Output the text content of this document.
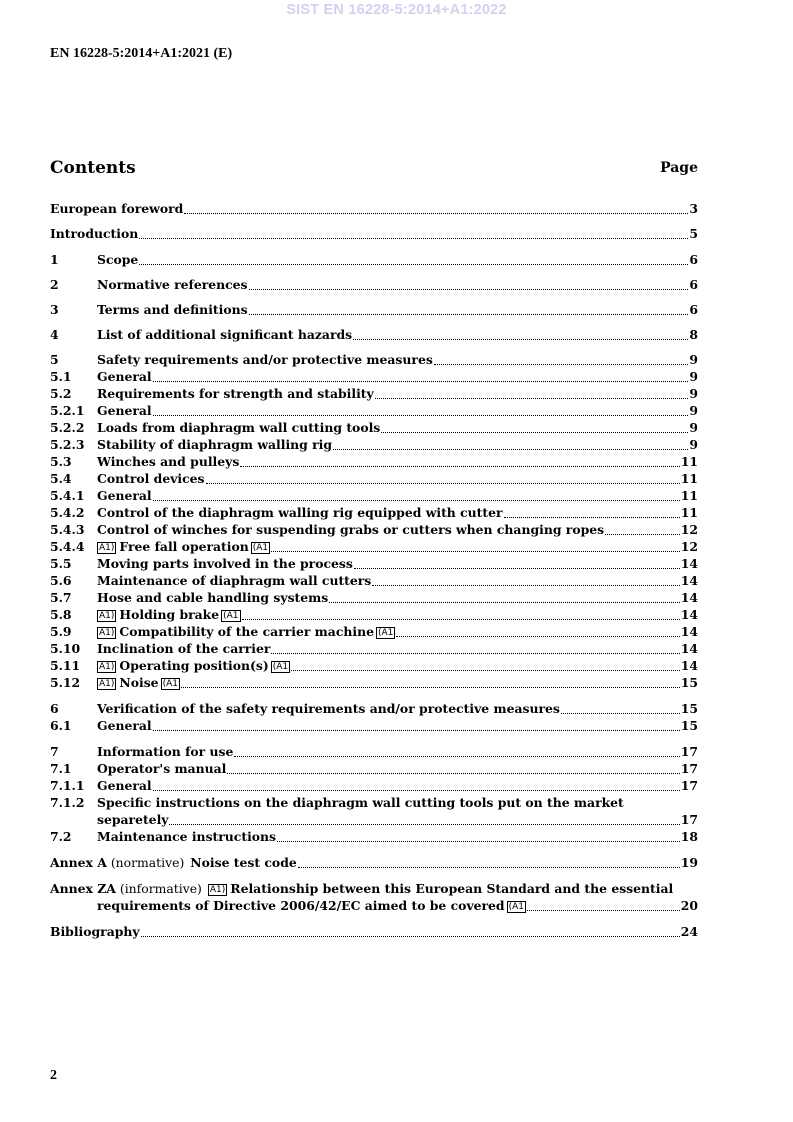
SIST EN 16228-5:2014+A1:2022
EN 16228-5:2014+A1:2021 (E)
Contents	Page
European foreword	3
Introduction	5
1	Scope	6
2	Normative references	6
3	Terms and definitions	6
4	List of additional significant hazards	8
5	Safety requirements and/or protective measures	9
5.1	General	9
5.2	Requirements for strength and stability	9
5.2.1	General	9
5.2.2	Loads from diaphragm wall cutting tools	9
5.2.3	Stability of diaphragm walling rig	9
5.3	Winches and pulleys	11
5.4	Control devices	11
5.4.1	General	11
5.4.2	Control of the diaphragm walling rig equipped with cutter	11
5.4.3	Control of winches for suspending grabs or cutters when changing ropes	12
5.4.4	A1) Free fall operation (A1	12
5.5	Moving parts involved in the process	14
5.6	Maintenance of diaphragm wall cutters	14
5.7	Hose and cable handling systems	14
5.8	A1) Holding brake (A1	14
5.9	A1) Compatibility of the carrier machine (A1	14
5.10	Inclination of the carrier	14
5.11	A1) Operating position(s) (A1	14
5.12	A1) Noise (A1	15
6	Verification of the safety requirements and/or protective measures	15
6.1	General	15
7	Information for use	17
7.1	Operator's manual	17
7.1.1	General	17
7.1.2	Specific instructions on the diaphragm wall cutting tools put on the market
separetely	17
7.2	Maintenance instructions	18
Annex A (normative) Noise test code	19
Annex ZA (informative) A1) Relationship between this European Standard and the essential
requirements of Directive 2006/42/EC aimed to be covered (A1	20
Bibliography	24
2
